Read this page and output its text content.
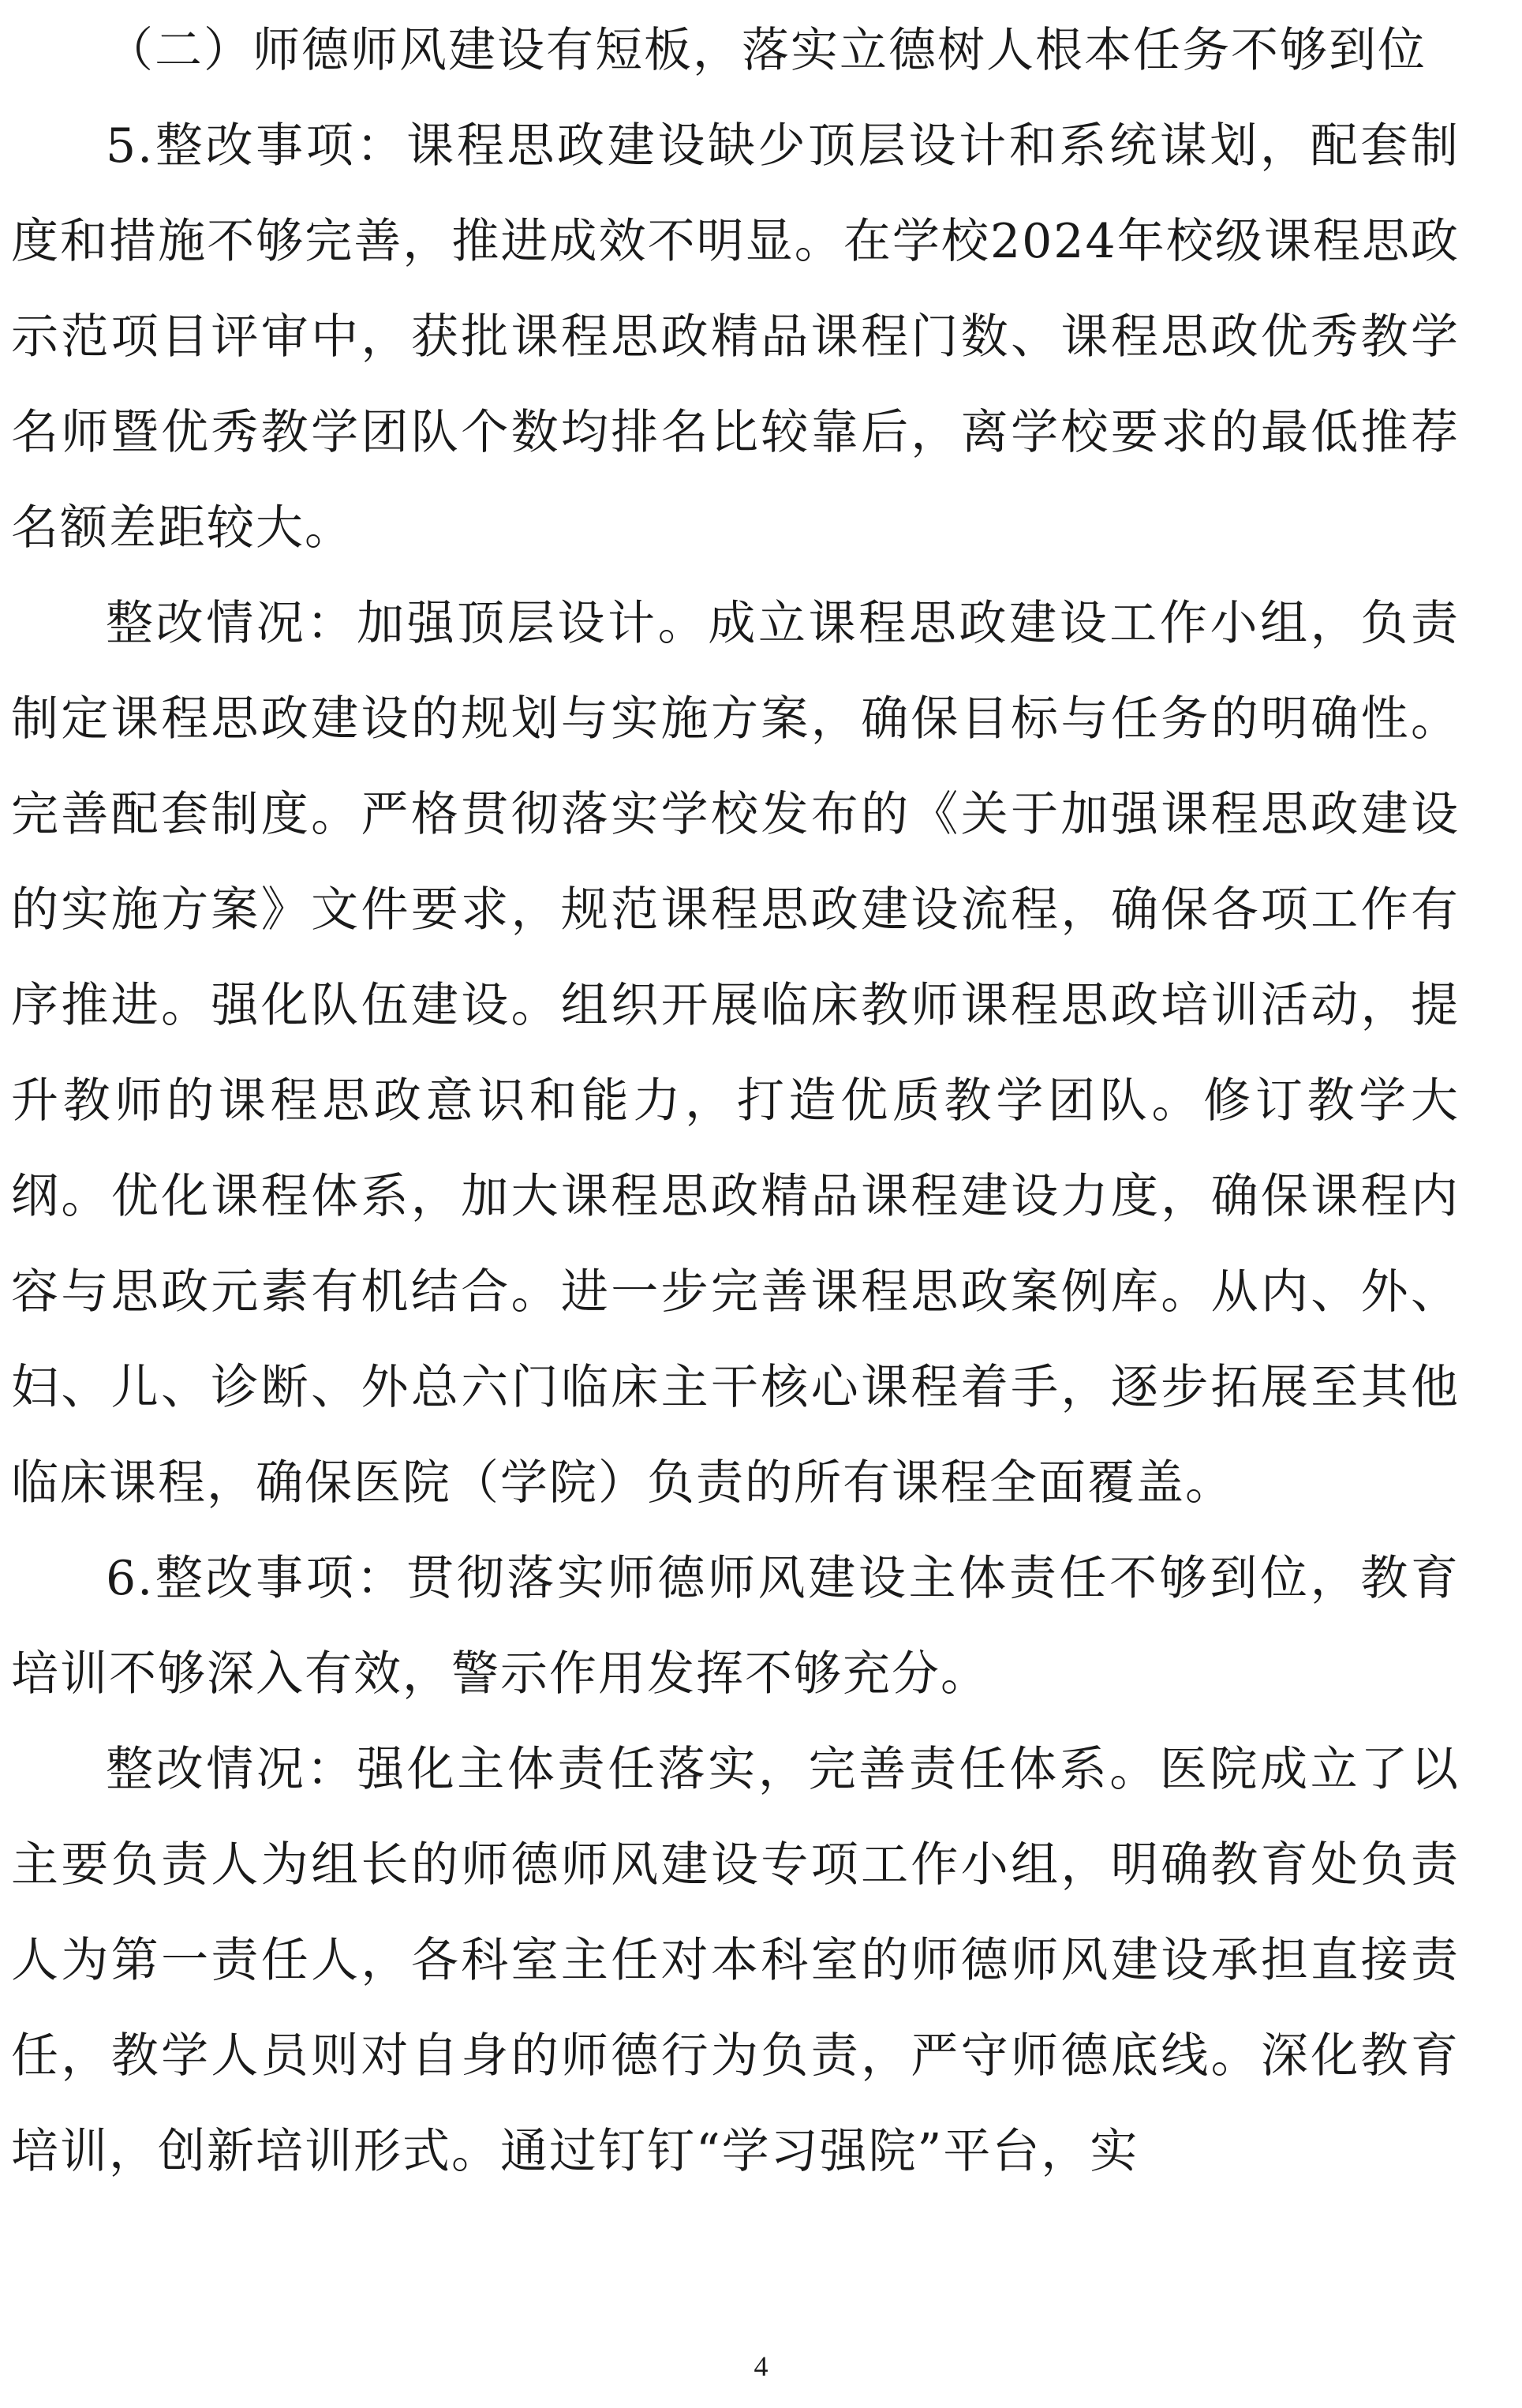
（二）师德师风建设有短板，落实立德树人根本任务不够到位

5.整改事项：课程思政建设缺少顶层设计和系统谋划，配套制度和措施不够完善，推进成效不明显。在学校2024年校级课程思政示范项目评审中，获批课程思政精品课程门数、课程思政优秀教学名师暨优秀教学团队个数均排名比较靠后，离学校要求的最低推荐名额差距较大。

整改情况：加强顶层设计。成立课程思政建设工作小组，负责制定课程思政建设的规划与实施方案，确保目标与任务的明确性。完善配套制度。严格贯彻落实学校发布的《关于加强课程思政建设的实施方案》文件要求，规范课程思政建设流程，确保各项工作有序推进。强化队伍建设。组织开展临床教师课程思政培训活动，提升教师的课程思政意识和能力，打造优质教学团队。修订教学大纲。优化课程体系，加大课程思政精品课程建设力度，确保课程内容与思政元素有机结合。进一步完善课程思政案例库。从内、外、妇、儿、诊断、外总六门临床主干核心课程着手，逐步拓展至其他临床课程，确保医院（学院）负责的所有课程全面覆盖。

6.整改事项：贯彻落实师德师风建设主体责任不够到位，教育培训不够深入有效，警示作用发挥不够充分。

整改情况：强化主体责任落实，完善责任体系。医院成立了以主要负责人为组长的师德师风建设专项工作小组，明确教育处负责人为第一责任人，各科室主任对本科室的师德师风建设承担直接责任，教学人员则对自身的师德行为负责，严守师德底线。深化教育培训，创新培训形式。通过钉钉“学习强院”平台，实

4
